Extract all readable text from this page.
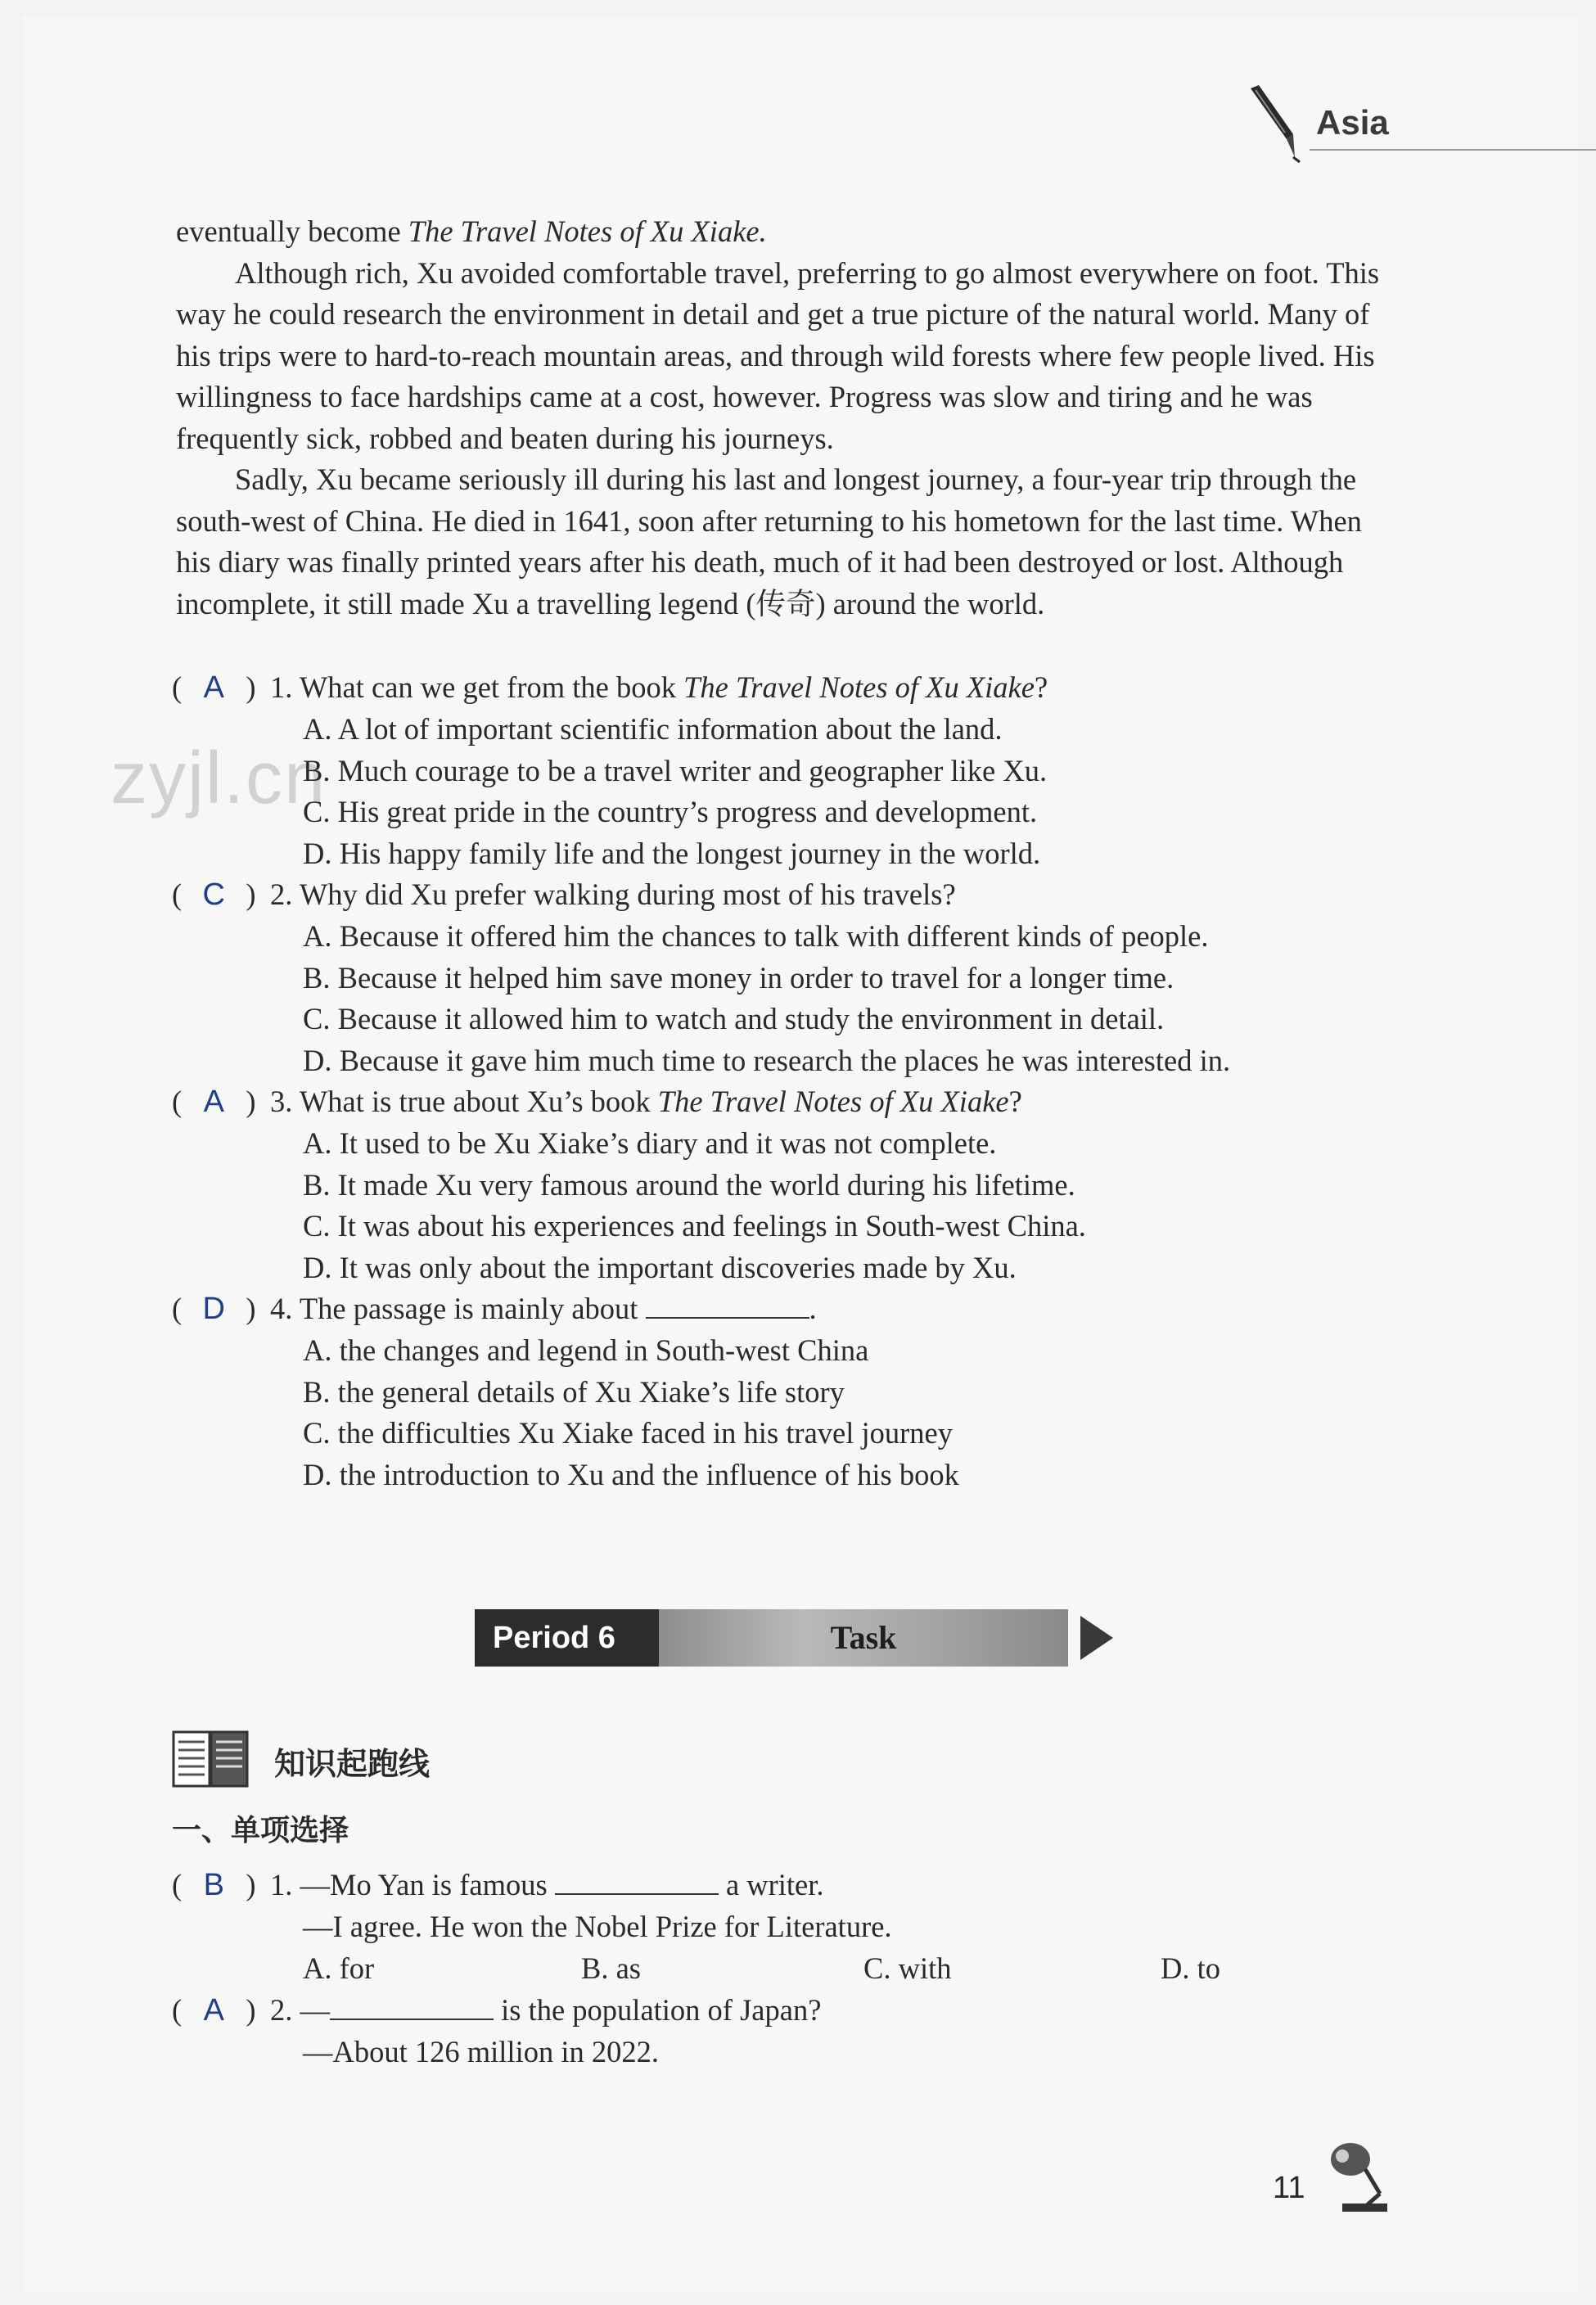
Asia

eventually become The Travel Notes of Xu Xiake.

Although rich, Xu avoided comfortable travel, preferring to go almost everywhere on foot. This way he could research the environment in detail and get a true picture of the natural world. Many of his trips were to hard-to-reach mountain areas, and through wild forests where few people lived. His willingness to face hardships came at a cost, however. Progress was slow and tiring and he was frequently sick, robbed and beaten during his journeys.

Sadly, Xu became seriously ill during his last and longest journey, a four-year trip through the south-west of China. He died in 1641, soon after returning to his hometown for the last time. When his diary was finally printed years after his death, much of it had been destroyed or lost. Although incomplete, it still made Xu a travelling legend (传奇) around the world.

zyjl.cn
( A ) 1. What can we get from the book The Travel Notes of Xu Xiake?
A. A lot of important scientific information about the land.
B. Much courage to be a travel writer and geographer like Xu.
C. His great pride in the country’s progress and development.
D. His happy family life and the longest journey in the world.
( C ) 2. Why did Xu prefer walking during most of his travels?
A. Because it offered him the chances to talk with different kinds of people.
B. Because it helped him save money in order to travel for a longer time.
C. Because it allowed him to watch and study the environment in detail.
D. Because it gave him much time to research the places he was interested in.
( A ) 3. What is true about Xu’s book The Travel Notes of Xu Xiake?
A. It used to be Xu Xiake’s diary and it was not complete.
B. It made Xu very famous around the world during his lifetime.
C. It was about his experiences and feelings in South-west China.
D. It was only about the important discoveries made by Xu.
( D ) 4. The passage is mainly about	.
A. the changes and legend in South-west China
B. the general details of Xu Xiake’s life story
C. the difficulties Xu Xiake faced in his travel journey
D. the introduction to Xu and the influence of his book
Period 6	Task
知识起跑线
一、单项选择
( B ) 1. —Mo Yan is famous	a writer.
—I agree. He won the Nobel Prize for Literature.
A. for	B. as	C. with	D. to
( A ) 2. —	is the population of Japan?
—About 126 million in 2022.
11
